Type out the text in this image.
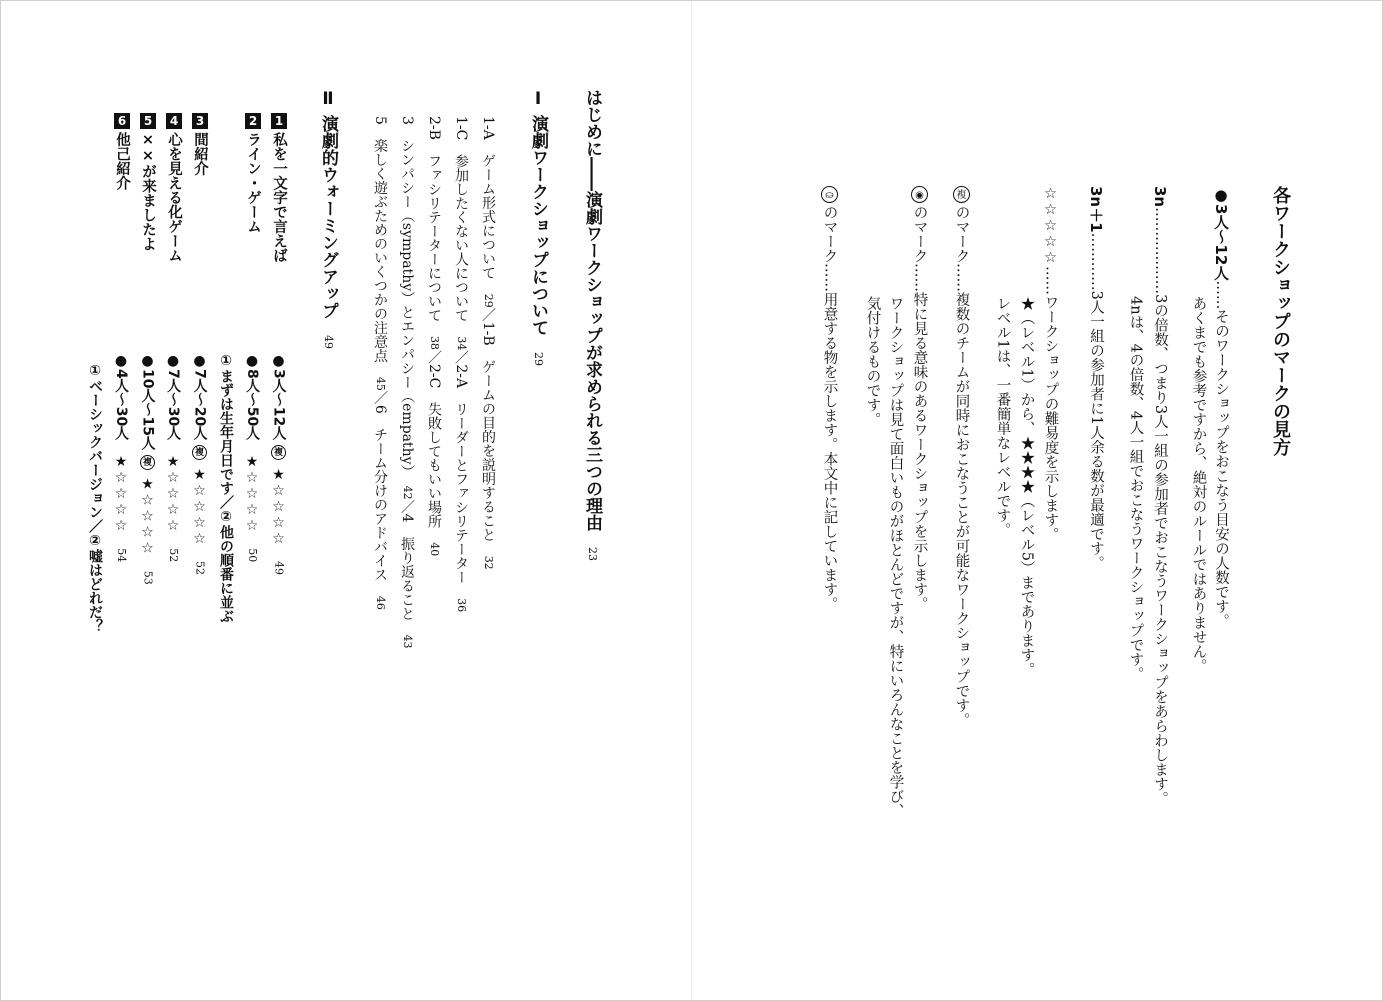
各ワークショップのマークの見方
●3人〜12人……そのワークショップをおこなう目安の人数です。
あくまでも参考ですから、絶対のルールではありません。
3n………………3の倍数、つまり3人一組の参加者でおこなうワークショップをあらわします。
4nは、4の倍数、4人一組でおこなうワークショップです。
3n＋1…………3人一組の参加者に1人余る数が最適です。
☆☆☆☆☆……ワークショップの難易度を示します。
★（レベル1）から、★★★★（レベル5）まであります。
レベル1は、一番簡単なレベルです。
複のマーク……複数のチームが同時におこなうことが可能なワークショップです。
◉のマーク……特に見る意味のあるワークショップを示します。
ワークショップは見て面白いものがほとんどですが、特にいろんなことを学び、
気付けるものです。
⛀のマーク……用意する物を示します。本文中に記しています。
はじめに――演劇ワークショップが求められる三つの理由23
Ⅰ 演劇ワークショップについて29
1-A　ゲーム形式について　29／1-B　ゲームの目的を説明すること　32
1-C　参加したくない人について　34／2-A　リーダーとファシリテーター　36
2-B　ファシリテーターについて　38／2-C　失敗してもいい場所　40
3　シンパシー（sympathy）とエンパシー（empathy）　42／4　振り返ること　43
5　楽しく遊ぶためのいくつかの注意点　45／6　チーム分けのアドバイス　46
Ⅱ 演劇的ウォーミングアップ49
1私を一文字で言えば
2ライン・ゲーム
3間紹介
4心を見える化ゲーム
5××が来ましたよ
6他己紹介
●3人〜12人 複 ★☆☆☆☆　49
●8人〜50人　★☆☆☆☆　50
①まずは生年月日です／②他の順番に並ぶ
●7人〜20人 複 ★☆☆☆☆　52
●7人〜30人　★☆☆☆☆　52
●10人〜15人 複 ★☆☆☆☆　53
●4人〜30人　★☆☆☆☆　54
①ベーシックバージョン／②嘘はどれだ？
